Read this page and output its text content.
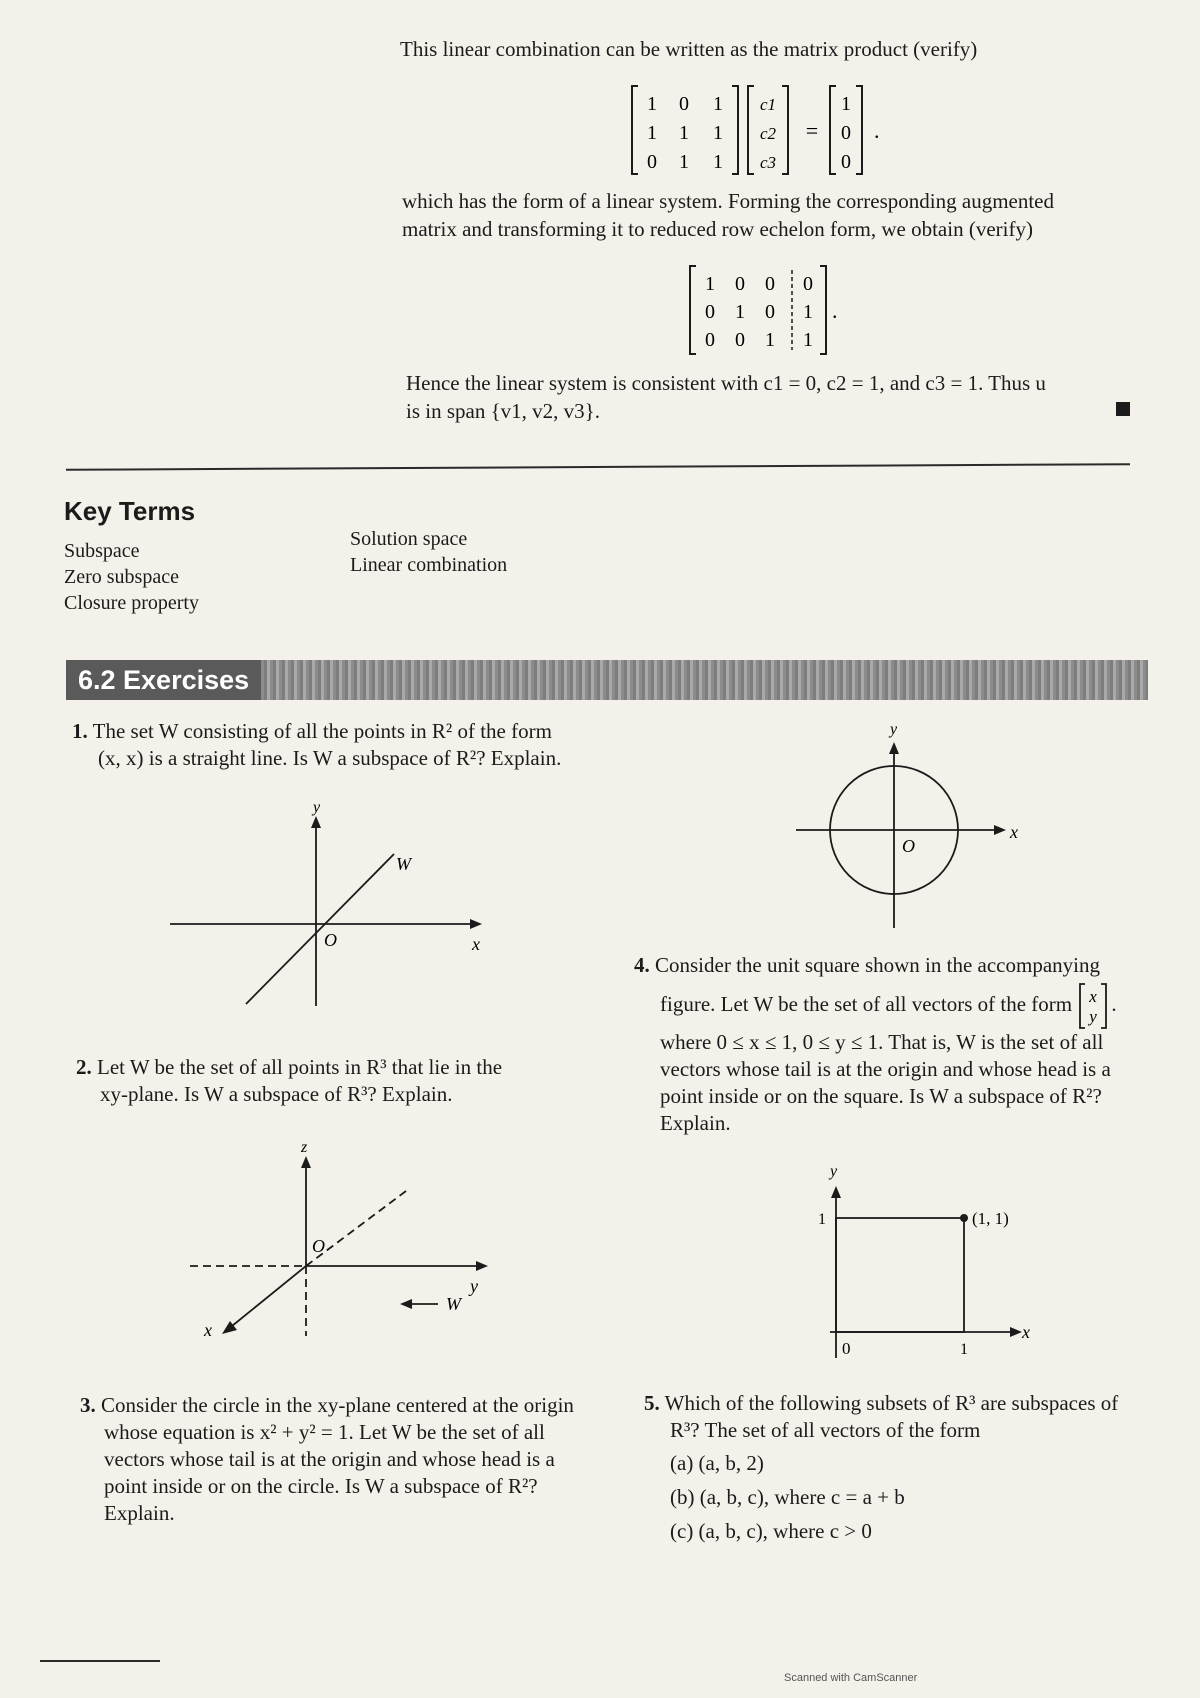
This linear combination can be written as the matrix product (verify)

1 0 1
1 1 1
0 1 1
c1
c2
c3
=
1
0
0
.

which has the form of a linear system. Forming the corresponding augmented

matrix and transforming it to reduced row echelon form, we obtain (verify)

1 0 0 0
0 1 0 1
0 0 1 1
.

Hence the linear system is consistent with c1 = 0, c2 = 1, and c3 = 1. Thus u

is in span {v1, v2, v3}.

Key Terms
Subspace
Zero subspace
Closure property
Solution space
Linear combination
6.2 Exercises
1. The set W consisting of all the points in R² of the form
(x, x) is a straight line. Is W a subspace of R²? Explain.
y
x
O
W
2. Let W be the set of all points in R³ that lie in the
xy-plane. Is W a subspace of R³? Explain.
z
y
x
O
W
3. Consider the circle in the xy-plane centered at the origin
whose equation is x² + y² = 1. Let W be the set of all
vectors whose tail is at the origin and whose head is a
point inside or on the circle. Is W a subspace of R²?
Explain.
y
x
O
4. Consider the unit square shown in the accompanying
figure. Let W be the set of all vectors of the form x
y
.
where 0 ≤ x ≤ 1, 0 ≤ y ≤ 1. That is, W is the set of all
vectors whose tail is at the origin and whose head is a
point inside or on the square. Is W a subspace of R²?
Explain.
y
x
0
1
1
(1, 1)
5. Which of the following subsets of R³ are subspaces of
R³? The set of all vectors of the form
(a) (a, b, 2)
(b) (a, b, c), where c = a + b
(c) (a, b, c), where c > 0
Scanned with CamScanner
